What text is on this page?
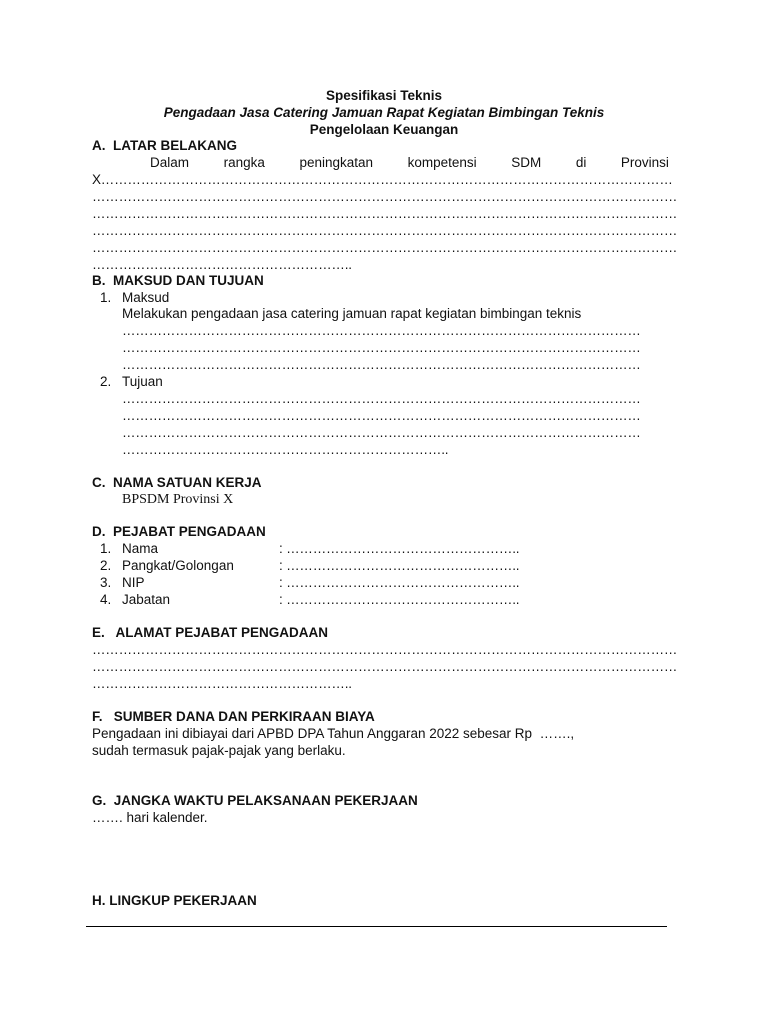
Spesifikasi Teknis
Pengadaan Jasa Catering Jamuan Rapat Kegiatan Bimbingan Teknis
Pengelolaan Keuangan
A.  LATAR BELAKANG
Dalam	rangka	peningkatan	kompetensi	SDM	di	Provinsi
X…………………………………………………………………………………………………………………
……………………………………………………………………………………………………………………
……………………………………………………………………………………………………………………
……………………………………………………………………………………………………………………
……………………………………………………………………………………………………………………
…………………………………………………..
B.  MAKSUD DAN TUJUAN
1. Maksud
Melakukan pengadaan jasa catering jamuan rapat kegiatan bimbingan teknis
………………………………………………………………………………………………………
………………………………………………………………………………………………………
………………………………………………………………………………………………………
2. Tujuan
………………………………………………………………………………………………………
………………………………………………………………………………………………………
………………………………………………………………………………………………………
………………………………………………………………..
C.  NAMA SATUAN KERJA
BPSDM Provinsi X
D.  PEJABAT PENGADAAN
1. Nama	: ……………………………………………..
2. Pangkat/Golongan	: ……………………………………………..
3. NIP	: ……………………………………………..
4. Jabatan	: ……………………………………………..
E.   ALAMAT PEJABAT PENGADAAN
……………………………………………………………………………………………………………………
……………………………………………………………………………………………………………………
…………………………………………………..
F.   SUMBER DANA DAN PERKIRAAN BIAYA
Pengadaan ini dibiayai dari APBD DPA Tahun Anggaran 2022 sebesar Rp  …….,
sudah termasuk pajak-pajak yang berlaku.
G.  JANGKA WAKTU PELAKSANAAN PEKERJAAN
……. hari kalender.
H. LINGKUP PEKERJAAN
